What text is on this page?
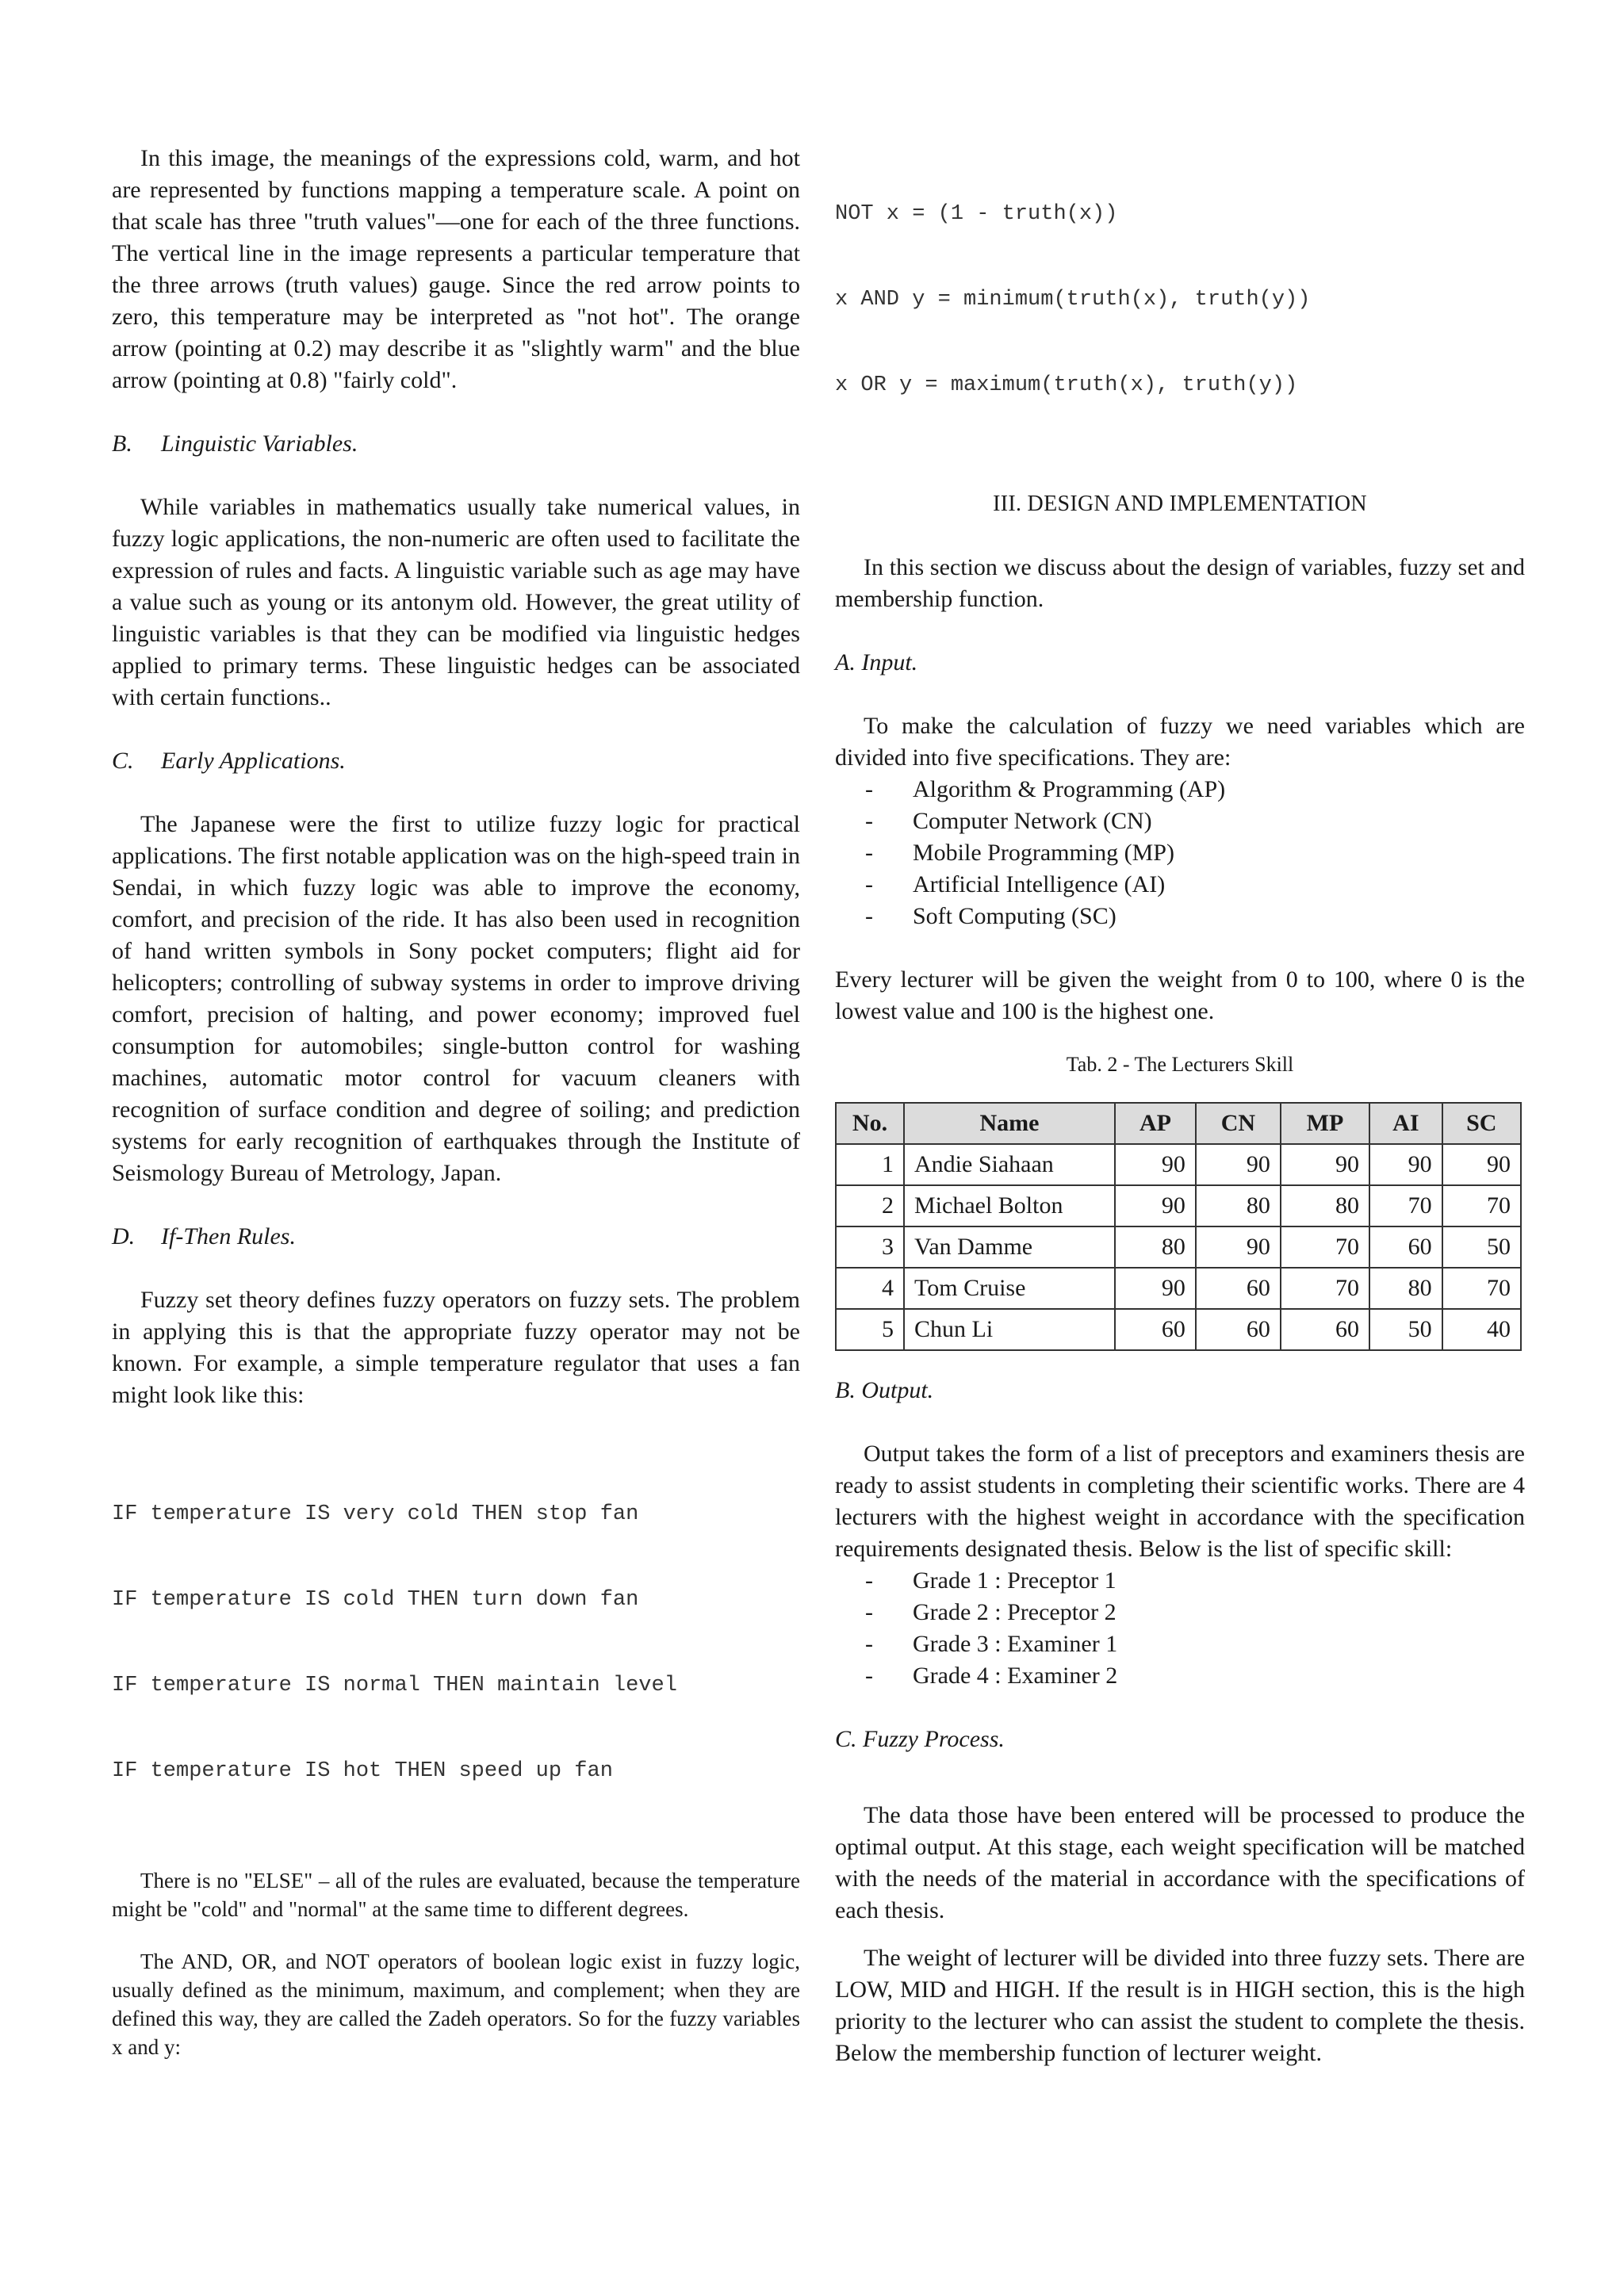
In this image, the meanings of the expressions cold, warm, and hot are represented by functions mapping a temperature scale. A point on that scale has three "truth values"—one for each of the three functions. The vertical line in the image represents a particular temperature that the three arrows (truth values) gauge. Since the red arrow points to zero, this temperature may be interpreted as "not hot". The orange arrow (pointing at 0.2) may describe it as "slightly warm" and the blue arrow (pointing at 0.8) "fairly cold".

B. Linguistic Variables.

While variables in mathematics usually take numerical values, in fuzzy logic applications, the non-numeric are often used to facilitate the expression of rules and facts. A linguistic variable such as age may have a value such as young or its antonym old. However, the great utility of linguistic variables is that they can be modified via linguistic hedges applied to primary terms. These linguistic hedges can be associated with certain functions..

C. Early Applications.

The Japanese were the first to utilize fuzzy logic for practical applications. The first notable application was on the high-speed train in Sendai, in which fuzzy logic was able to improve the economy, comfort, and precision of the ride. It has also been used in recognition of hand written symbols in Sony pocket computers; flight aid for helicopters; controlling of subway systems in order to improve driving comfort, precision of halting, and power economy; improved fuel consumption for automobiles; single-button control for washing machines, automatic motor control for vacuum cleaners with recognition of surface condition and degree of soiling; and prediction systems for early recognition of earthquakes through the Institute of Seismology Bureau of Metrology, Japan.

D. If-Then Rules.

Fuzzy set theory defines fuzzy operators on fuzzy sets. The problem in applying this is that the appropriate fuzzy operator may not be known. For example, a simple temperature regulator that uses a fan might look like this:

IF temperature IS very cold THEN stop fan

IF temperature IS cold THEN turn down fan

IF temperature IS normal THEN maintain level

IF temperature IS hot THEN speed up fan

There is no "ELSE" – all of the rules are evaluated, because the temperature might be "cold" and "normal" at the same time to different degrees.

The AND, OR, and NOT operators of boolean logic exist in fuzzy logic, usually defined as the minimum, maximum, and complement; when they are defined this way, they are called the Zadeh operators. So for the fuzzy variables x and y:

NOT x = (1 - truth(x))

x AND y = minimum(truth(x), truth(y))

x OR y = maximum(truth(x), truth(y))

III. DESIGN AND IMPLEMENTATION

In this section we discuss about the design of variables, fuzzy set and membership function.

A. Input.

To make the calculation of fuzzy we need variables which are divided into five specifications. They are:

- Algorithm & Programming (AP)
- Computer Network (CN)
- Mobile Programming (MP)
- Artificial Intelligence (AI)
- Soft Computing (SC)

Every lecturer will be given the weight from 0 to 100, where 0 is the lowest value and 100 is the highest one.

Tab. 2 - The Lecturers Skill
No.	Name	AP	CN	MP	AI	SC
1	Andie Siahaan	90	90	90	90	90
2	Michael Bolton	90	80	80	70	70
3	Van Damme	80	90	70	60	50
4	Tom Cruise	90	60	70	80	70
5	Chun Li	60	60	60	50	40
B. Output.

Output takes the form of a list of preceptors and examiners thesis are ready to assist students in completing their scientific works. There are 4 lecturers with the highest weight in accordance with the specification requirements designated thesis. Below is the list of specific skill:

- Grade 1 : Preceptor 1
- Grade 2 : Preceptor 2
- Grade 3 : Examiner 1
- Grade 4 : Examiner 2
C. Fuzzy Process.

The data those have been entered will be processed to produce the optimal output. At this stage, each weight specification will be matched with the needs of the material in accordance with the specifications of each thesis.

The weight of lecturer will be divided into three fuzzy sets. There are LOW, MID and HIGH. If the result is in HIGH section, this is the high priority to the lecturer who can assist the student to complete the thesis. Below the membership function of lecturer weight.
